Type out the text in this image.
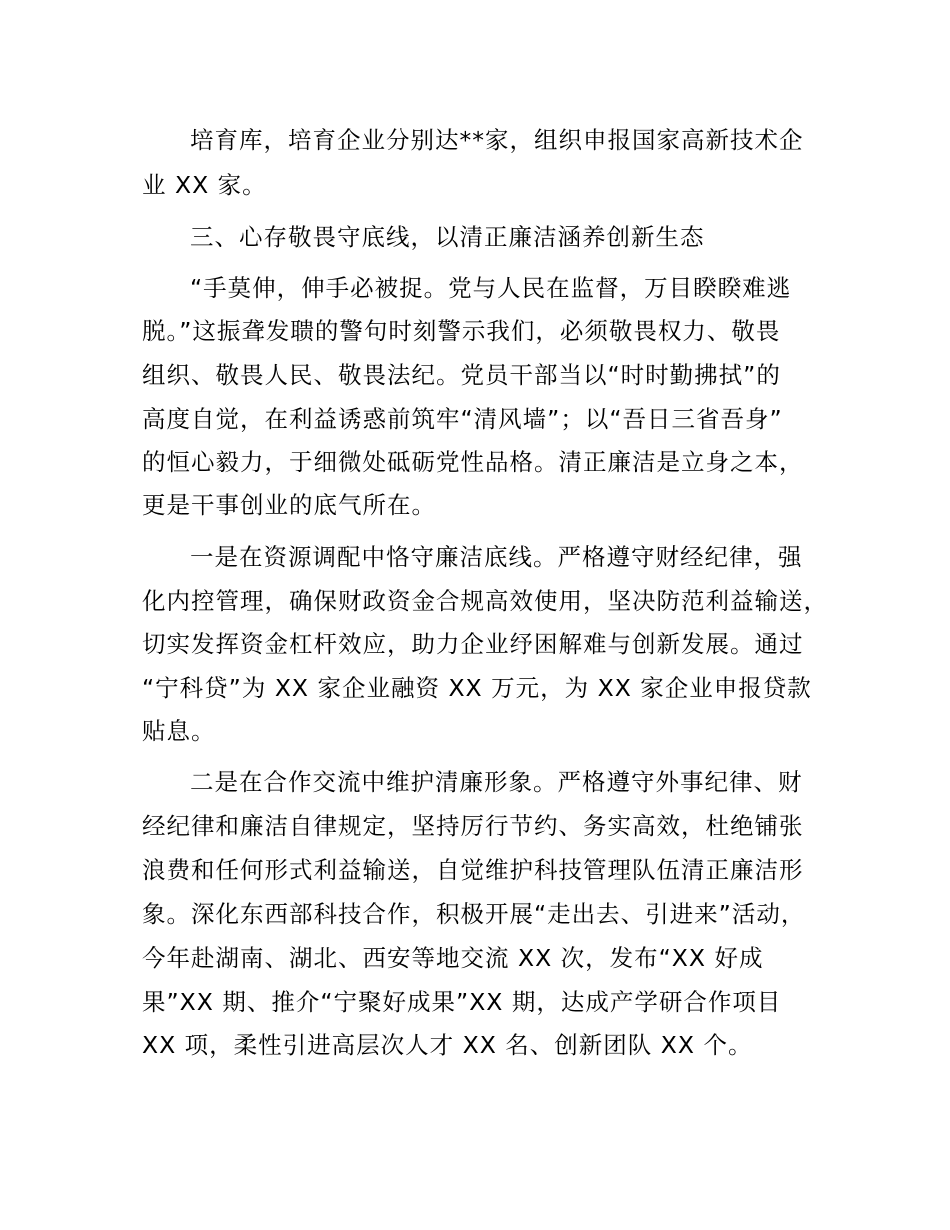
培育库，培育企业分别达**家，组织申报国家高新技术企
业 XX 家。
三、心存敬畏守底线，以清正廉洁涵养创新生态
“手莫伸，伸手必被捉。党与人民在监督，万目睽睽难逃
脱。”这振聋发聩的警句时刻警示我们，必须敬畏权力、敬畏
组织、敬畏人民、敬畏法纪。党员干部当以“时时勤拂拭”的
高度自觉，在利益诱惑前筑牢“清风墙”；以“吾日三省吾身”
的恒心毅力，于细微处砥砺党性品格。清正廉洁是立身之本，
更是干事创业的底气所在。
一是在资源调配中恪守廉洁底线。严格遵守财经纪律，强
化内控管理，确保财政资金合规高效使用，坚决防范利益输送，
切实发挥资金杠杆效应，助力企业纾困解难与创新发展。通过
“宁科贷”为 XX 家企业融资 XX 万元，为 XX 家企业申报贷款
贴息。
二是在合作交流中维护清廉形象。严格遵守外事纪律、财
经纪律和廉洁自律规定，坚持厉行节约、务实高效，杜绝铺张
浪费和任何形式利益输送，自觉维护科技管理队伍清正廉洁形
象。深化东西部科技合作，积极开展“走出去、引进来”活动，
今年赴湖南、湖北、西安等地交流 XX 次，发布“XX 好成
果”XX 期、推介“宁聚好成果”XX 期，达成产学研合作项目
XX 项，柔性引进高层次人才 XX 名、创新团队 XX 个。
